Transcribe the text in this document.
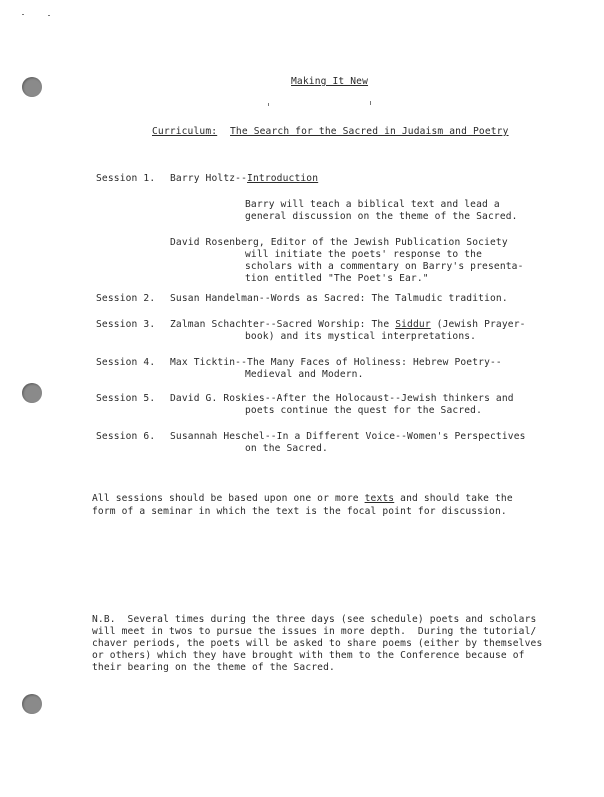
Making It New
Curriculum: The Search for the Sacred in Judaism and Poetry
Session 1. Barry Holtz--Introduction
Barry will teach a biblical text and lead a
general discussion on the theme of the Sacred.
David Rosenberg, Editor of the Jewish Publication Society
will initiate the poets' response to the
scholars with a commentary on Barry's presenta-
tion entitled "The Poet's Ear."
Session 2. Susan Handelman--Words as Sacred: The Talmudic tradition.
Session 3. Zalman Schachter--Sacred Worship: The Siddur (Jewish Prayer-
book) and its mystical interpretations.
Session 4. Max Ticktin--The Many Faces of Holiness: Hebrew Poetry--
Medieval and Modern.
Session 5. David G. Roskies--After the Holocaust--Jewish thinkers and
poets continue the quest for the Sacred.
Session 6. Susannah Heschel--In a Different Voice--Women's Perspectives
on the Sacred.
All sessions should be based upon one or more texts and should take the
form of a seminar in which the text is the focal point for discussion.
N.B.  Several times during the three days (see schedule) poets and scholars
will meet in twos to pursue the issues in more depth.  During the tutorial/
chaver periods, the poets will be asked to share poems (either by themselves
or others) which they have brought with them to the Conference because of
their bearing on the theme of the Sacred.
